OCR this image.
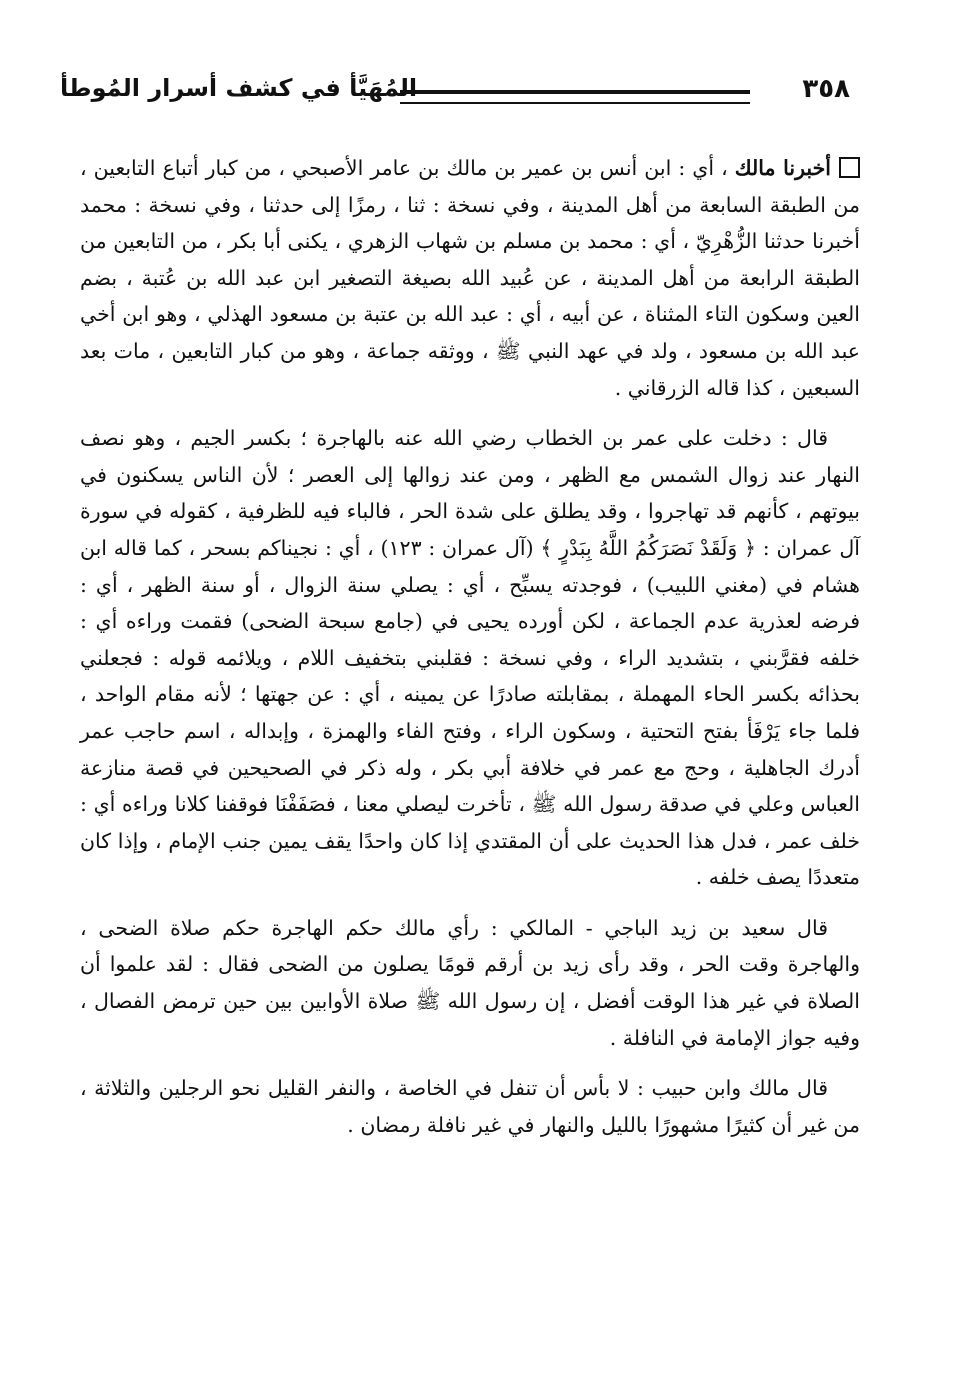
٣٥٨
المُهَيَّأ في كشف أسرار المُوطأ

أخبرنا مالك ، أي : ابن أنس بن عمير بن مالك بن عامر الأصبحي ، من كبار أتباع التابعين ، من الطبقة السابعة من أهل المدينة ، وفي نسخة : ثنا ، رمزًا إلى حدثنا ، وفي نسخة : محمد أخبرنا حدثنا الزُّهْرِيّ ، أي : محمد بن مسلم بن شهاب الزهري ، يكنى أبا بكر ، من التابعين من الطبقة الرابعة من أهل المدينة ، عن عُبيد الله بصيغة التصغير ابن عبد الله بن عُتبة ، بضم العين وسكون التاء المثناة ، عن أبيه ، أي : عبد الله بن عتبة بن مسعود الهذلي ، وهو ابن أخي عبد الله بن مسعود ، ولد في عهد النبي ﷺ ، ووثقه جماعة ، وهو من كبار التابعين ، مات بعد السبعين ، كذا قاله الزرقاني .

قال : دخلت على عمر بن الخطاب رضي الله عنه بالهاجرة ؛ بكسر الجيم ، وهو نصف النهار عند زوال الشمس مع الظهر ، ومن عند زوالها إلى العصر ؛ لأن الناس يسكنون في بيوتهم ، كأنهم قد تهاجروا ، وقد يطلق على شدة الحر ، فالباء فيه للظرفية ، كقوله في سورة آل عمران : ﴿ وَلَقَدْ نَصَرَكُمُ اللَّهُ بِبَدْرٍ ﴾ (آل عمران : ١٢٣) ، أي : نجيناكم بسحر ، كما قاله ابن هشام في (مغني اللبيب) ، فوجدته يسبِّح ، أي : يصلي سنة الزوال ، أو سنة الظهر ، أي : فرضه لعذرية عدم الجماعة ، لكن أورده يحيى في (جامع سبحة الضحى) فقمت وراءه أي : خلفه فقرَّبني ، بتشديد الراء ، وفي نسخة : فقلبني بتخفيف اللام ، ويلائمه قوله : فجعلني بحذائه بكسر الحاء المهملة ، بمقابلته صادرًا عن يمينه ، أي : عن جهتها ؛ لأنه مقام الواحد ، فلما جاء يَرْفَأ بفتح التحتية ، وسكون الراء ، وفتح الفاء والهمزة ، وإبداله ، اسم حاجب عمر أدرك الجاهلية ، وحج مع عمر في خلافة أبي بكر ، وله ذكر في الصحيحين في قصة منازعة العباس وعلي في صدقة رسول الله ﷺ ، تأخرت ليصلي معنا ، فصَفَفْنَا فوقفنا كلانا وراءه أي : خلف عمر ، فدل هذا الحديث على أن المقتدي إذا كان واحدًا يقف يمين جنب الإمام ، وإذا كان متعددًا يصف خلفه .

قال سعيد بن زيد الباجي - المالكي : رأي مالك حكم الهاجرة حكم صلاة الضحى ، والهاجرة وقت الحر ، وقد رأى زيد بن أرقم قومًا يصلون من الضحى فقال : لقد علموا أن الصلاة في غير هذا الوقت أفضل ، إن رسول الله ﷺ صلاة الأوابين بين حين ترمض الفصال ، وفيه جواز الإمامة في النافلة .

قال مالك وابن حبيب : لا بأس أن تنفل في الخاصة ، والنفر القليل نحو الرجلين والثلاثة ، من غير أن كثيرًا مشهورًا بالليل والنهار في غير نافلة رمضان .
